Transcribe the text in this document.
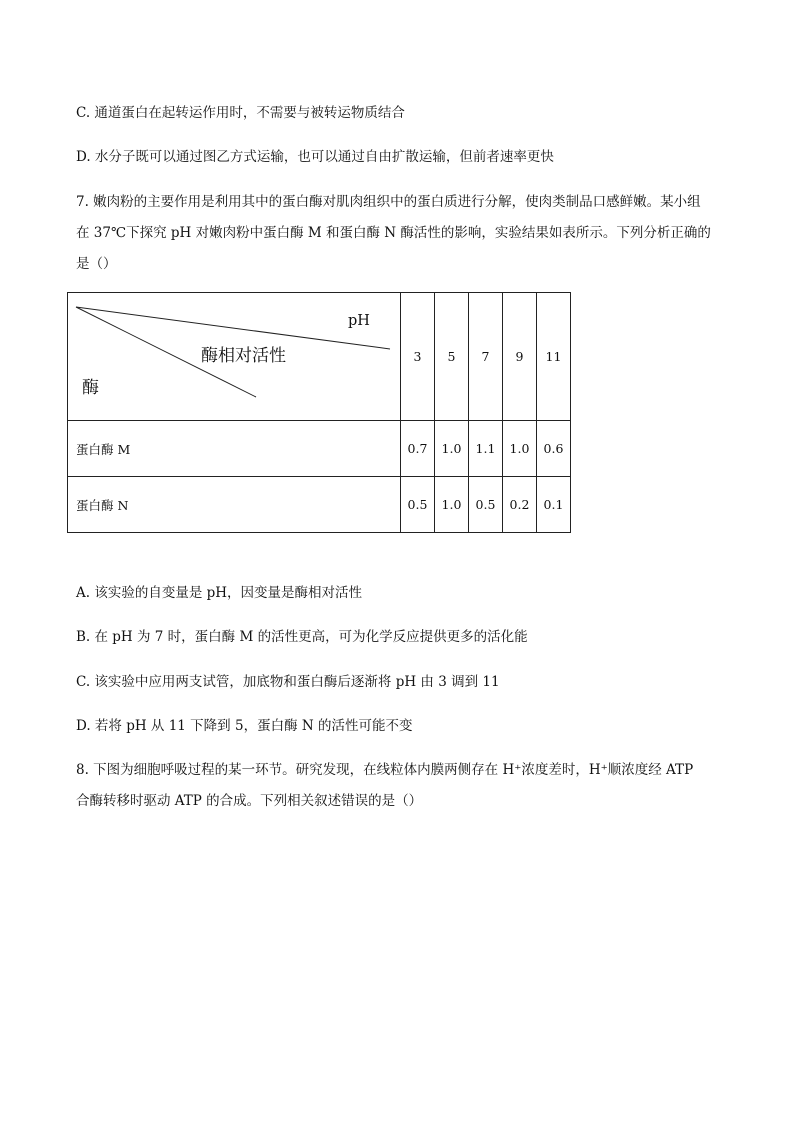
C. 通道蛋白在起转运作用时，不需要与被转运物质结合
D. 水分子既可以通过图乙方式运输，也可以通过自由扩散运输，但前者速率更快
7. 嫩肉粉的主要作用是利用其中的蛋白酶对肌肉组织中的蛋白质进行分解，使肉类制品口感鲜嫩。某小组
在 37℃下探究 pH 对嫩肉粉中蛋白酶 M 和蛋白酶 N 酶活性的影响，实验结果如表所示。下列分析正确的
是（）
pH
酶相对活性
酶	3	5	7	9	11
蛋白酶 M	0.7	1.0	1.1	1.0	0.6
蛋白酶 N	0.5	1.0	0.5	0.2	0.1
A. 该实验的自变量是 pH，因变量是酶相对活性
B. 在 pH 为 7 时，蛋白酶 M 的活性更高，可为化学反应提供更多的活化能
C. 该实验中应用两支试管，加底物和蛋白酶后逐渐将 pH 由 3 调到 11
D. 若将 pH 从 11 下降到 5，蛋白酶 N 的活性可能不变
8. 下图为细胞呼吸过程的某一环节。研究发现，在线粒体内膜两侧存在 H⁺浓度差时，H⁺顺浓度经 ATP
合酶转移时驱动 ATP 的合成。下列相关叙述错误的是（）
